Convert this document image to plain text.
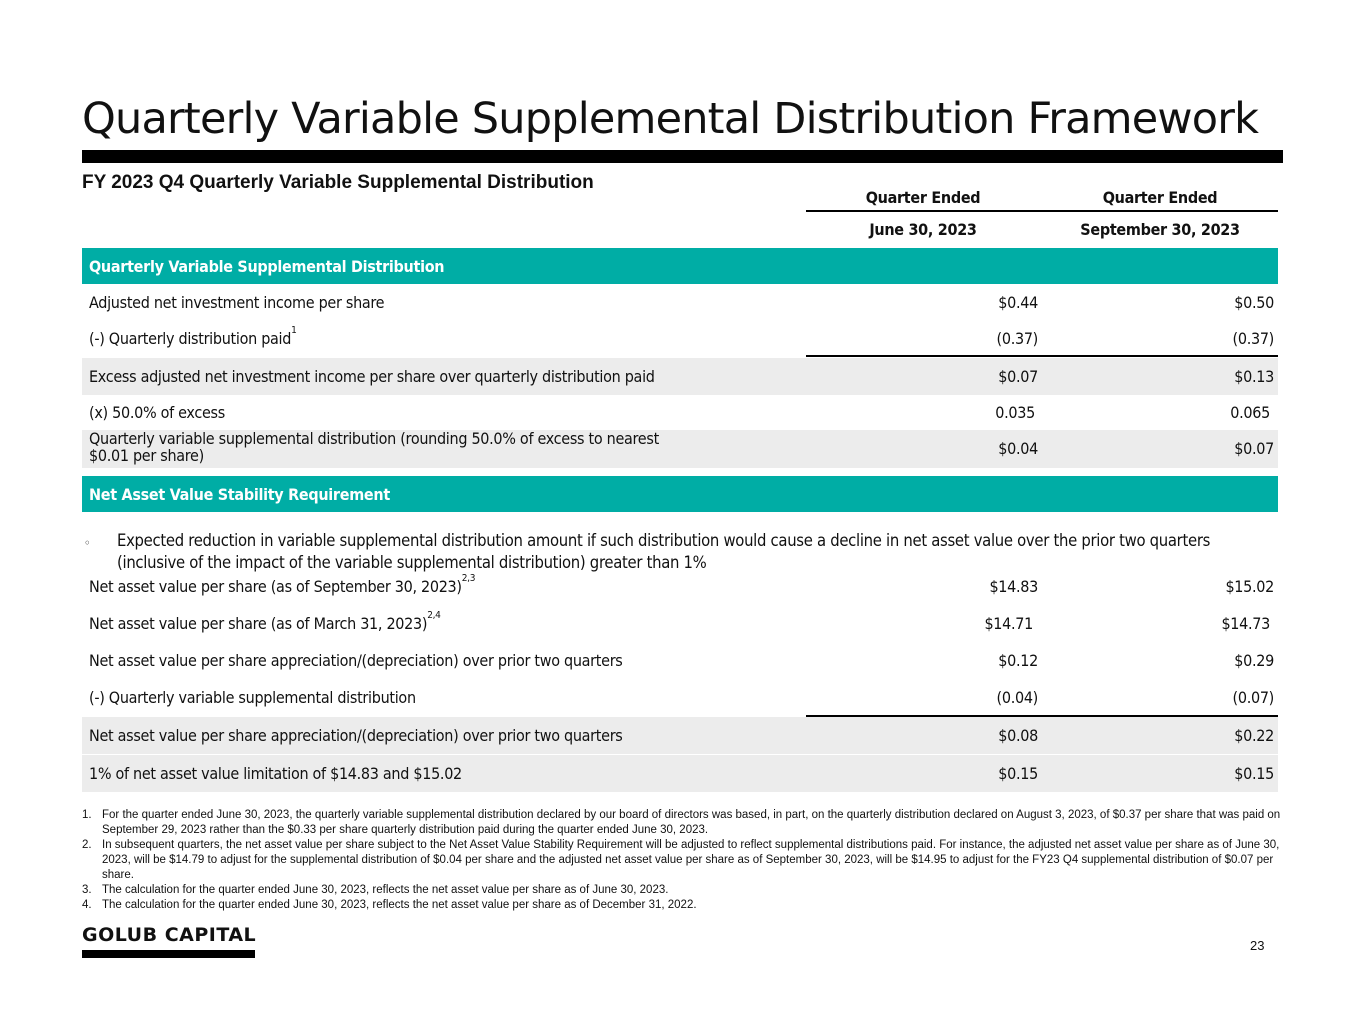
Quarterly Variable Supplemental Distribution Framework
FY 2023 Q4 Quarterly Variable Supplemental Distribution
Quarter Ended	Quarter Ended
June 30, 2023	September 30, 2023
Quarterly Variable Supplemental Distribution
Adjusted net investment income per share	$0.44	$0.50
(-) Quarterly distribution paid$^1$	(0.37)	(0.37)
Excess adjusted net investment income per share over quarterly distribution paid	$0.07	$0.13
(x) 50.0% of excess	0.035	0.065
Quarterly variable supplemental distribution (rounding 50.0% of excess to nearest
$0.01 per share)	$0.04	$0.07
Net Asset Value Stability Requirement
◦ Expected reduction in variable supplemental distribution amount if such distribution would cause a decline in net asset value over the prior two quarters (inclusive of the impact of the variable supplemental distribution) greater than 1%
Net asset value per share (as of September 30, 2023)$^{2,3}$	$14.83	$15.02
Net asset value per share (as of March 31, 2023)$^{2,4}$	$14.71	$14.73
Net asset value per share appreciation/(depreciation) over prior two quarters	$0.12	$0.29
(-) Quarterly variable supplemental distribution	(0.04)	(0.07)
Net asset value per share appreciation/(depreciation) over prior two quarters	$0.08	$0.22
1% of net asset value limitation of $14.83 and $15.02	$0.15	$0.15
1. For the quarter ended June 30, 2023, the quarterly variable supplemental distribution declared by our board of directors was based, in part, on the quarterly distribution declared on August 3, 2023, of $0.37 per share that was paid on September 29, 2023 rather than the $0.33 per share quarterly distribution paid during the quarter ended June 30, 2023.
2. In subsequent quarters, the net asset value per share subject to the Net Asset Value Stability Requirement will be adjusted to reflect supplemental distributions paid. For instance, the adjusted net asset value per share as of June 30, 2023, will be $14.79 to adjust for the supplemental distribution of $0.04 per share and the adjusted net asset value per share as of September 30, 2023, will be $14.95 to adjust for the FY23 Q4 supplemental distribution of $0.07 per share.
3. The calculation for the quarter ended June 30, 2023, reflects the net asset value per share as of June 30, 2023.
4. The calculation for the quarter ended June 30, 2023, reflects the net asset value per share as of December 31, 2022.
GOLUB CAPITAL	23
